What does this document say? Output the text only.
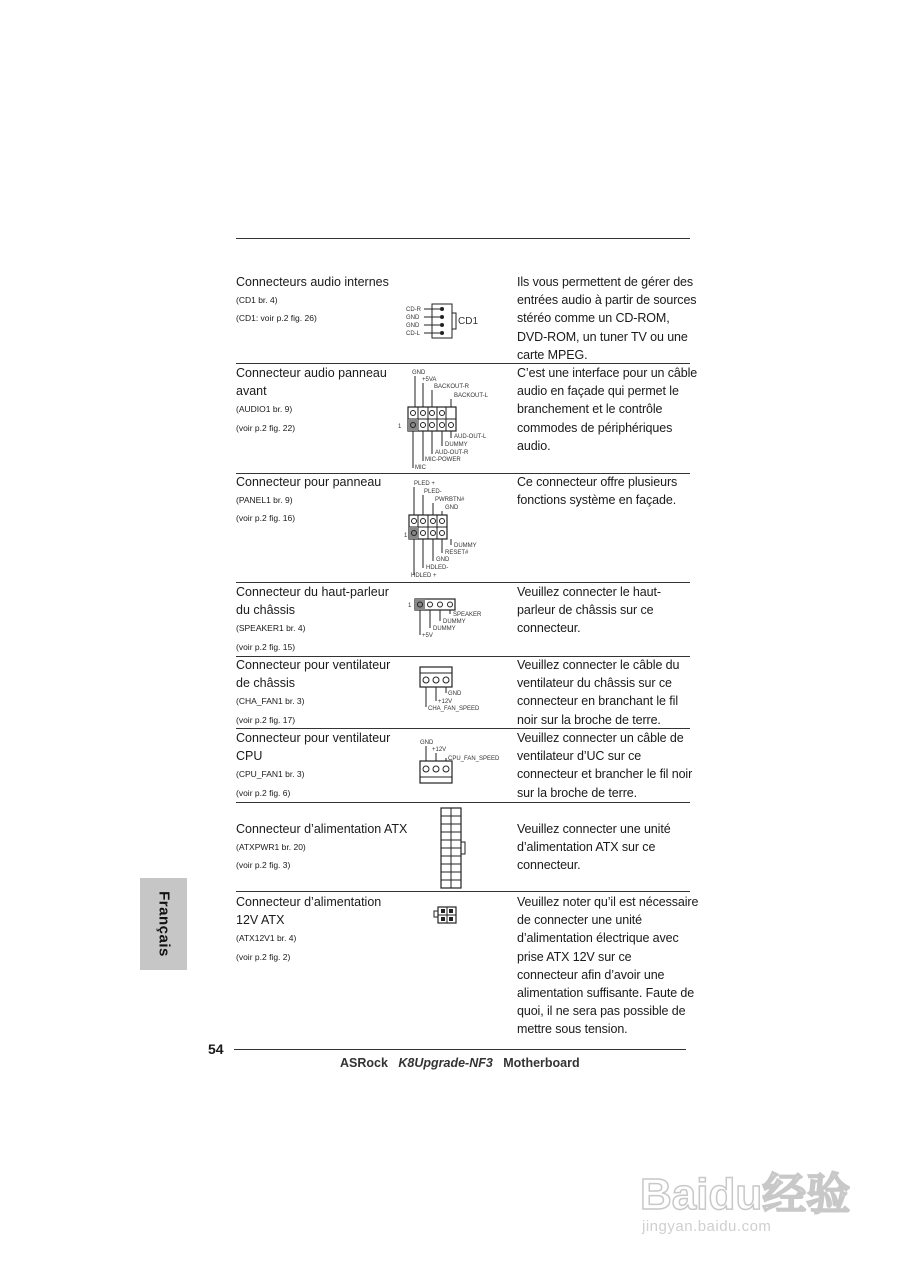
Connecteurs audio internes
(CD1 br. 4)
(CD1: voir p.2 fig. 26)
Ils vous permettent de gérer des
entrées audio à partir de sources
stéréo comme un CD-ROM,
DVD-ROM, un tuner TV ou une
carte MPEG.
CD-R
GND
GND
CD-L
CD1
Connecteur audio panneau
avant
(AUDIO1 br. 9)
(voir p.2 fig. 22)
C’est une interface pour un câble
audio en façade qui permet le
branchement et le contrôle
commodes de périphériques
audio.
GND
+5VA
BACKOUT-R
BACKOUT-L
1
AUD-OUT-L
DUMMY
AUD-OUT-R
MIC-POWER
MIC
Connecteur pour panneau
(PANEL1 br. 9)
(voir p.2 fig. 16)
Ce connecteur offre plusieurs
fonctions système en façade.
PLED +
PLED-
PWRBTN#
GND
1
DUMMY
RESET#
GND
HDLED-
HDLED +
Connecteur du haut-parleur
du châssis
(SPEAKER1 br. 4)
(voir p.2 fig. 15)
Veuillez connecter le haut-
parleur de châssis sur ce
connecteur.
1
SPEAKER
DUMMY
DUMMY
+5V
Connecteur pour ventilateur
de châssis
(CHA_FAN1 br. 3)
(voir p.2 fig. 17)
Veuillez connecter le câble du
ventilateur du châssis sur ce
connecteur en branchant le fil
noir sur la broche de terre.
GND
+12V
CHA_FAN_SPEED
Connecteur pour ventilateur
CPU
(CPU_FAN1 br. 3)
(voir p.2 fig. 6)
Veuillez connecter un câble de
ventilateur d’UC sur ce
connecteur et brancher le fil noir
sur la broche de terre.
GND
+12V
CPU_FAN_SPEED
Connecteur d’alimentation ATX
(ATXPWR1 br. 20)
(voir p.2 fig. 3)
Veuillez connecter une unité
d’alimentation ATX sur ce
connecteur.
Connecteur d’alimentation
12V ATX
(ATX12V1 br. 4)
(voir p.2 fig. 2)
Veuillez noter qu’il est nécessaire
de connecter une unité
d’alimentation électrique avec
prise ATX 12V sur ce
connecteur afin d’avoir une
alimentation suffisante. Faute de
quoi, il ne sera pas possible de
mettre sous tension.
Français
54
ASRock K8Upgrade-NF3 Motherboard
Baidu经验
jingyan.baidu.com
